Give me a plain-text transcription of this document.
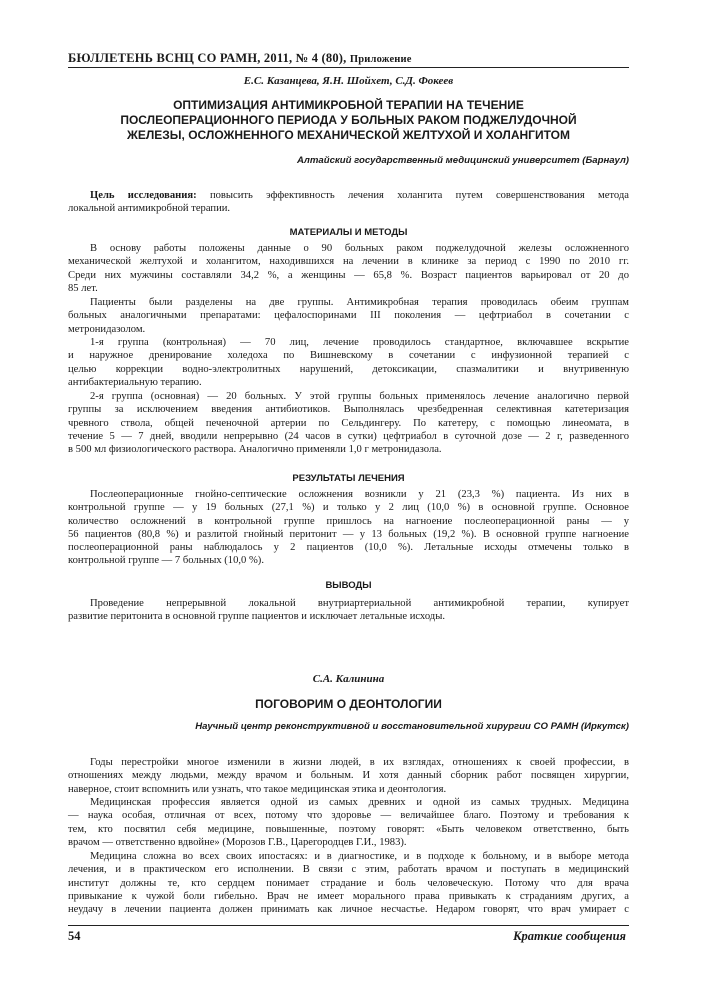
БЮЛЛЕТЕНЬ ВСНЦ СО РАМН, 2011, № 4 (80), Приложение
Е.С. Казанцева, Я.Н. Шойхет, С.Д. Фокеев
ОПТИМИЗАЦИЯ АНТИМИКРОБНОЙ ТЕРАПИИ НА ТЕЧЕНИЕ
ПОСЛЕОПЕРАЦИОННОГО ПЕРИОДА У БОЛЬНЫХ РАКОМ ПОДЖЕЛУДОЧНОЙ
ЖЕЛЕЗЫ, ОСЛОЖНЕННОГО МЕХАНИЧЕСКОЙ ЖЕЛТУХОЙ И ХОЛАНГИТОМ
Алтайский государственный медицинский университет (Барнаул)
Цель исследования: повысить эффективность лечения холангита путем совершенствования метода
локальной антимикробной терапии.
МАТЕРИАЛЫ И МЕТОДЫ
В основу работы положены данные о 90 больных раком поджелудочной железы осложненного
механической желтухой и холангитом, находившихся на лечении в клинике за период с 1990 по 2010 гг.
Среди них мужчины составляли 34,2 %, а женщины — 65,8 %. Возраст пациентов варьировал от 20 до
85 лет.
Пациенты были разделены на две группы. Антимикробная терапия проводилась обеим группам
больных аналогичными препаратами: цефалоспоринами III поколения — цефтриабол в сочетании с
метронидазолом.
1-я группа (контрольная) — 70 лиц, лечение проводилось стандартное, включавшее вскрытие
и наружное дренирование холедоха по Вишневскому в сочетании с инфузионной терапией с
целью коррекции водно-электролитных нарушений, детоксикации, спазмалитики и внутривенную
антибактериальную терапию.
2-я группа (основная) — 20 больных. У этой группы больных применялось лечение аналогично первой
группы за исключением введения антибиотиков. Выполнялась чрезбедренная селективная катетеризация
чревного ствола, общей печеночной артерии по Сельдингеру. По катетеру, с помощью линеомата, в
течение 5 — 7 дней, вводили непрерывно (24 часов в сутки) цефтриабол в суточной дозе — 2 г, разведенного
в 500 мл физиологического раствора. Аналогично применяли 1,0 г метронидазола.
РЕЗУЛЬТАТЫ ЛЕЧЕНИЯ
Послеоперационные гнойно-септические осложнения возникли у 21 (23,3 %) пациента. Из них в
контрольной группе — у 19 больных (27,1 %) и только у 2 лиц (10,0 %) в основной группе. Основное
количество осложнений в контрольной группе пришлось на нагноение послеоперационной раны — у
56 пациентов (80,8 %) и разлитой гнойный перитонит — у 13 больных (19,2 %). В основной группе нагноение
послеоперационной раны наблюдалось у 2 пациентов (10,0 %). Летальные исходы отмечены только в
контрольной группе — 7 больных (10,0 %).
ВЫВОДЫ
Проведение непрерывной локальной внутриартериальной антимикробной терапии, купирует
развитие перитонита в основной группе пациентов и исключает летальные исходы.
С.А. Калинина
ПОГОВОРИМ О ДЕОНТОЛОГИИ
Научный центр реконструктивной и восстановительной хирургии СО РАМН (Иркутск)
Годы перестройки многое изменили в жизни людей, в их взглядах, отношениях к своей профессии, в
отношениях между людьми, между врачом и больным. И хотя данный сборник работ посвящен хирургии,
наверное, стоит вспомнить или узнать, что такое медицинская этика и деонтология.
Медицинская профессия является одной из самых древних и одной из самых трудных. Медицина
— наука особая, отличная от всех, потому что здоровье — величайшее благо. Поэтому и требования к
тем, кто посвятил себя медицине, повышенные, поэтому говорят: «Быть человеком ответственно, быть
врачом — ответственно вдвойне» (Морозов Г.В., Царегородцев Г.И., 1983).
Медицина сложна во всех своих ипостасях: и в диагностике, и в подходе к больному, и в выборе метода
лечения, и в практическом его исполнении. В связи с этим, работать врачом и поступать в медицинский
институт должны те, кто сердцем понимает страдание и боль человеческую. Потому что для врача
привыкание к чужой боли гибельно. Врач не имеет морального права привыкать к страданиям других, а
неудачу в лечении пациента должен принимать как личное несчастье. Недаром говорят, что врач умирает с
54	Краткие сообщения
